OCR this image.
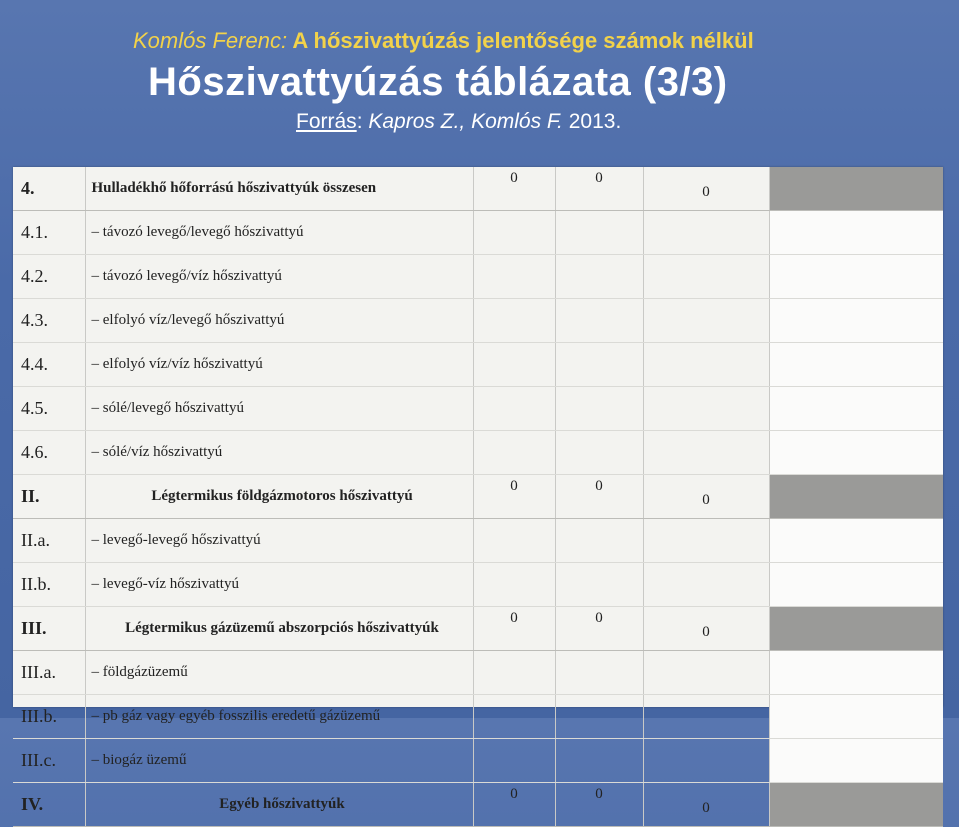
Komlós Ferenc: A hőszivattyúzás jelentősége számok nélkül
Hőszivattyúzás táblázata (3/3)
Forrás: Kapros Z., Komlós F. 2013.
4.	Hulladékhő hőforrású hőszivattyúk összesen	0	0	0	
4.1.	– távozó levegő/levegő hőszivattyú				
4.2.	– távozó levegő/víz hőszivattyú				
4.3.	– elfolyó víz/levegő hőszivattyú				
4.4.	– elfolyó víz/víz hőszivattyú				
4.5.	– sólé/levegő hőszivattyú				
4.6.	– sólé/víz hőszivattyú				
II.	Légtermikus földgázmotoros hőszivattyú	0	0	0	
II.a.	– levegő-levegő hőszivattyú				
II.b.	– levegő-víz hőszivattyú				
III.	Légtermikus gázüzemű abszorpciós hőszivattyúk	0	0	0	
III.a.	– földgázüzemű				
III.b.	– pb gáz vagy egyéb fosszilis eredetű gázüzemű				
III.c.	– biogáz üzemű				
IV.	Egyéb hőszivattyúk	0	0	0	
